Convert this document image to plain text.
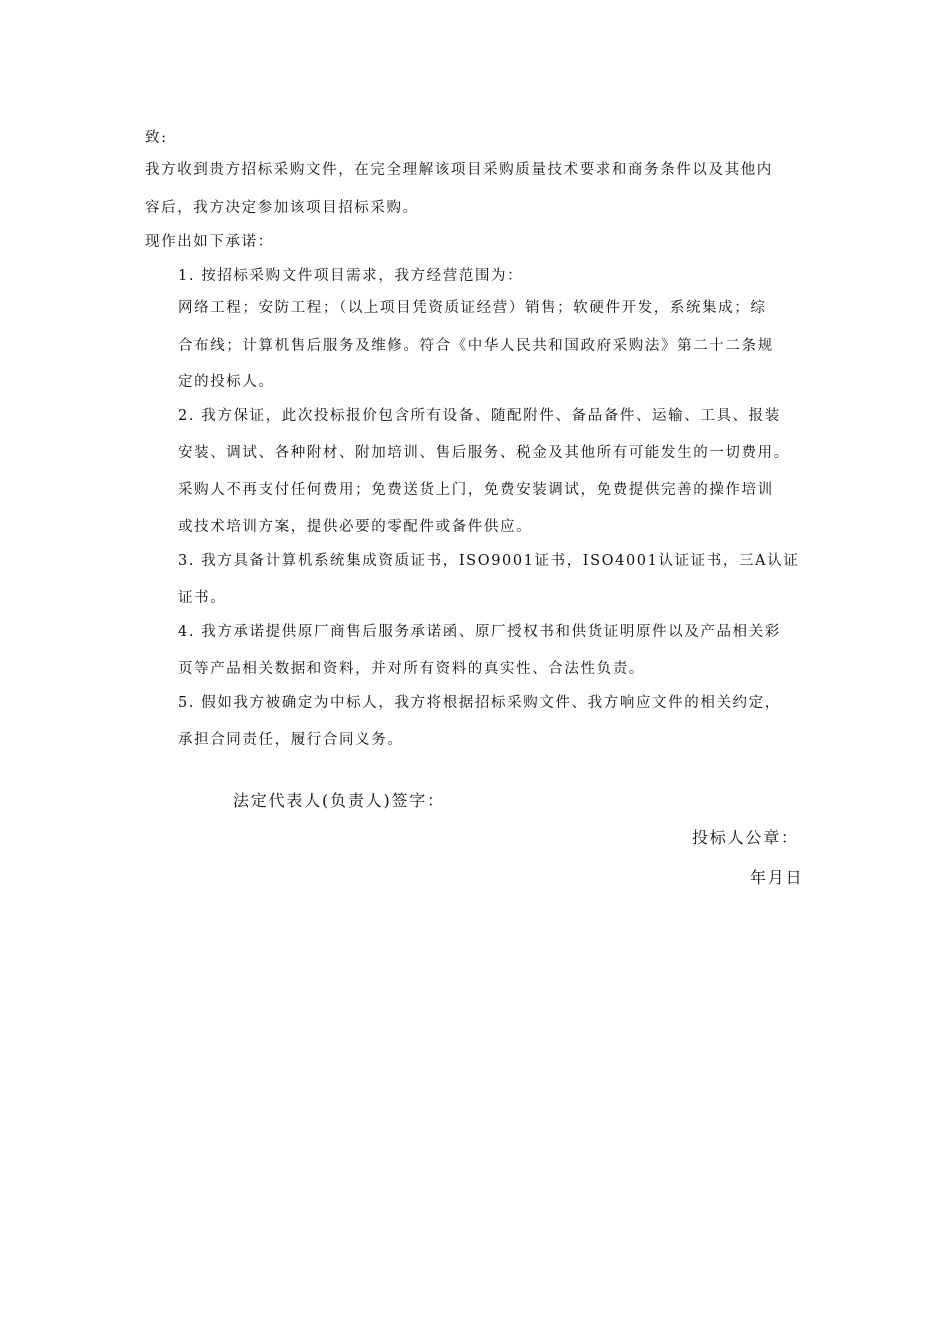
致:
我方收到贵方招标采购文件，在完全理解该项目采购质量技术要求和商务条件以及其他内
容后，我方决定参加该项目招标采购。
现作出如下承诺：
1. 按招标采购文件项目需求，我方经营范围为：
网络工程；安防工程；（以上项目凭资质证经营）销售；软硬件开发，系统集成；综
合布线；计算机售后服务及维修。符合《中华人民共和国政府采购法》第二十二条规
定的投标人。
2. 我方保证，此次投标报价包含所有设备、随配附件、备品备件、运输、工具、报装
安装、调试、各种附材、附加培训、售后服务、税金及其他所有可能发生的一切费用。
采购人不再支付任何费用；免费送货上门，免费安装调试，免费提供完善的操作培训
或技术培训方案，提供必要的零配件或备件供应。
3. 我方具备计算机系统集成资质证书，ISO9001证书，ISO4001认证证书，三A认证
证书。
4. 我方承诺提供原厂商售后服务承诺函、原厂授权书和供货证明原件以及产品相关彩
页等产品相关数据和资料，并对所有资料的真实性、合法性负责。
5. 假如我方被确定为中标人，我方将根据招标采购文件、我方响应文件的相关约定，
承担合同责任，履行合同义务。
法定代表人(负责人)签字：
投标人公章：
年月日
